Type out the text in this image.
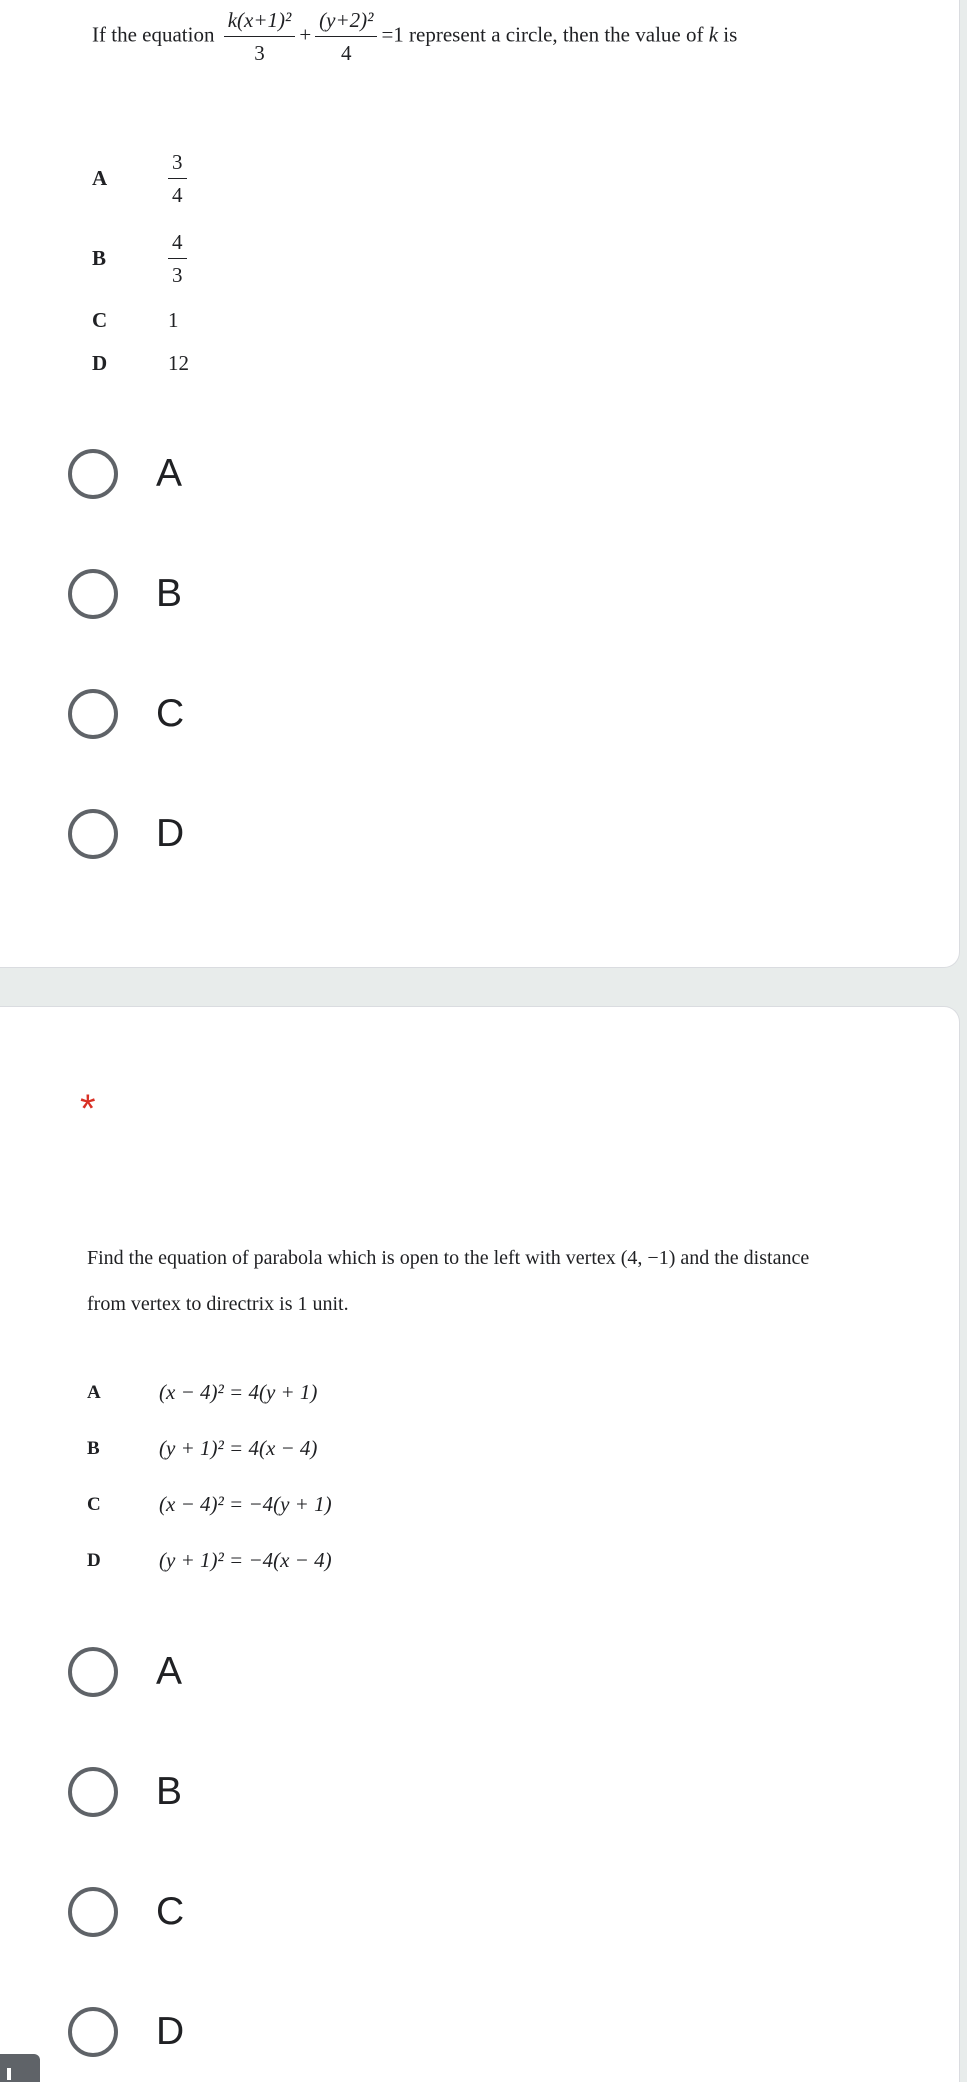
If the equation $\frac{\text{k(x+1)²}}{3} + \frac{\text{(y+2)²}}{4} =1$ represent a circle, then the value of k is
A	$\frac{3}{4}$
B	$\frac{4}{3}$
C	1
D	12
A
B
C
D
*
Find the equation of parabola which is open to the left with vertex (4, −1) and the distance
from vertex to directrix is 1 unit.
A	(x − 4)² = 4(y + 1)
B	(y + 1)² = 4(x − 4)
C	(x − 4)² = −4(y + 1)
D	(y + 1)² = −4(x − 4)
A
B
C
D
